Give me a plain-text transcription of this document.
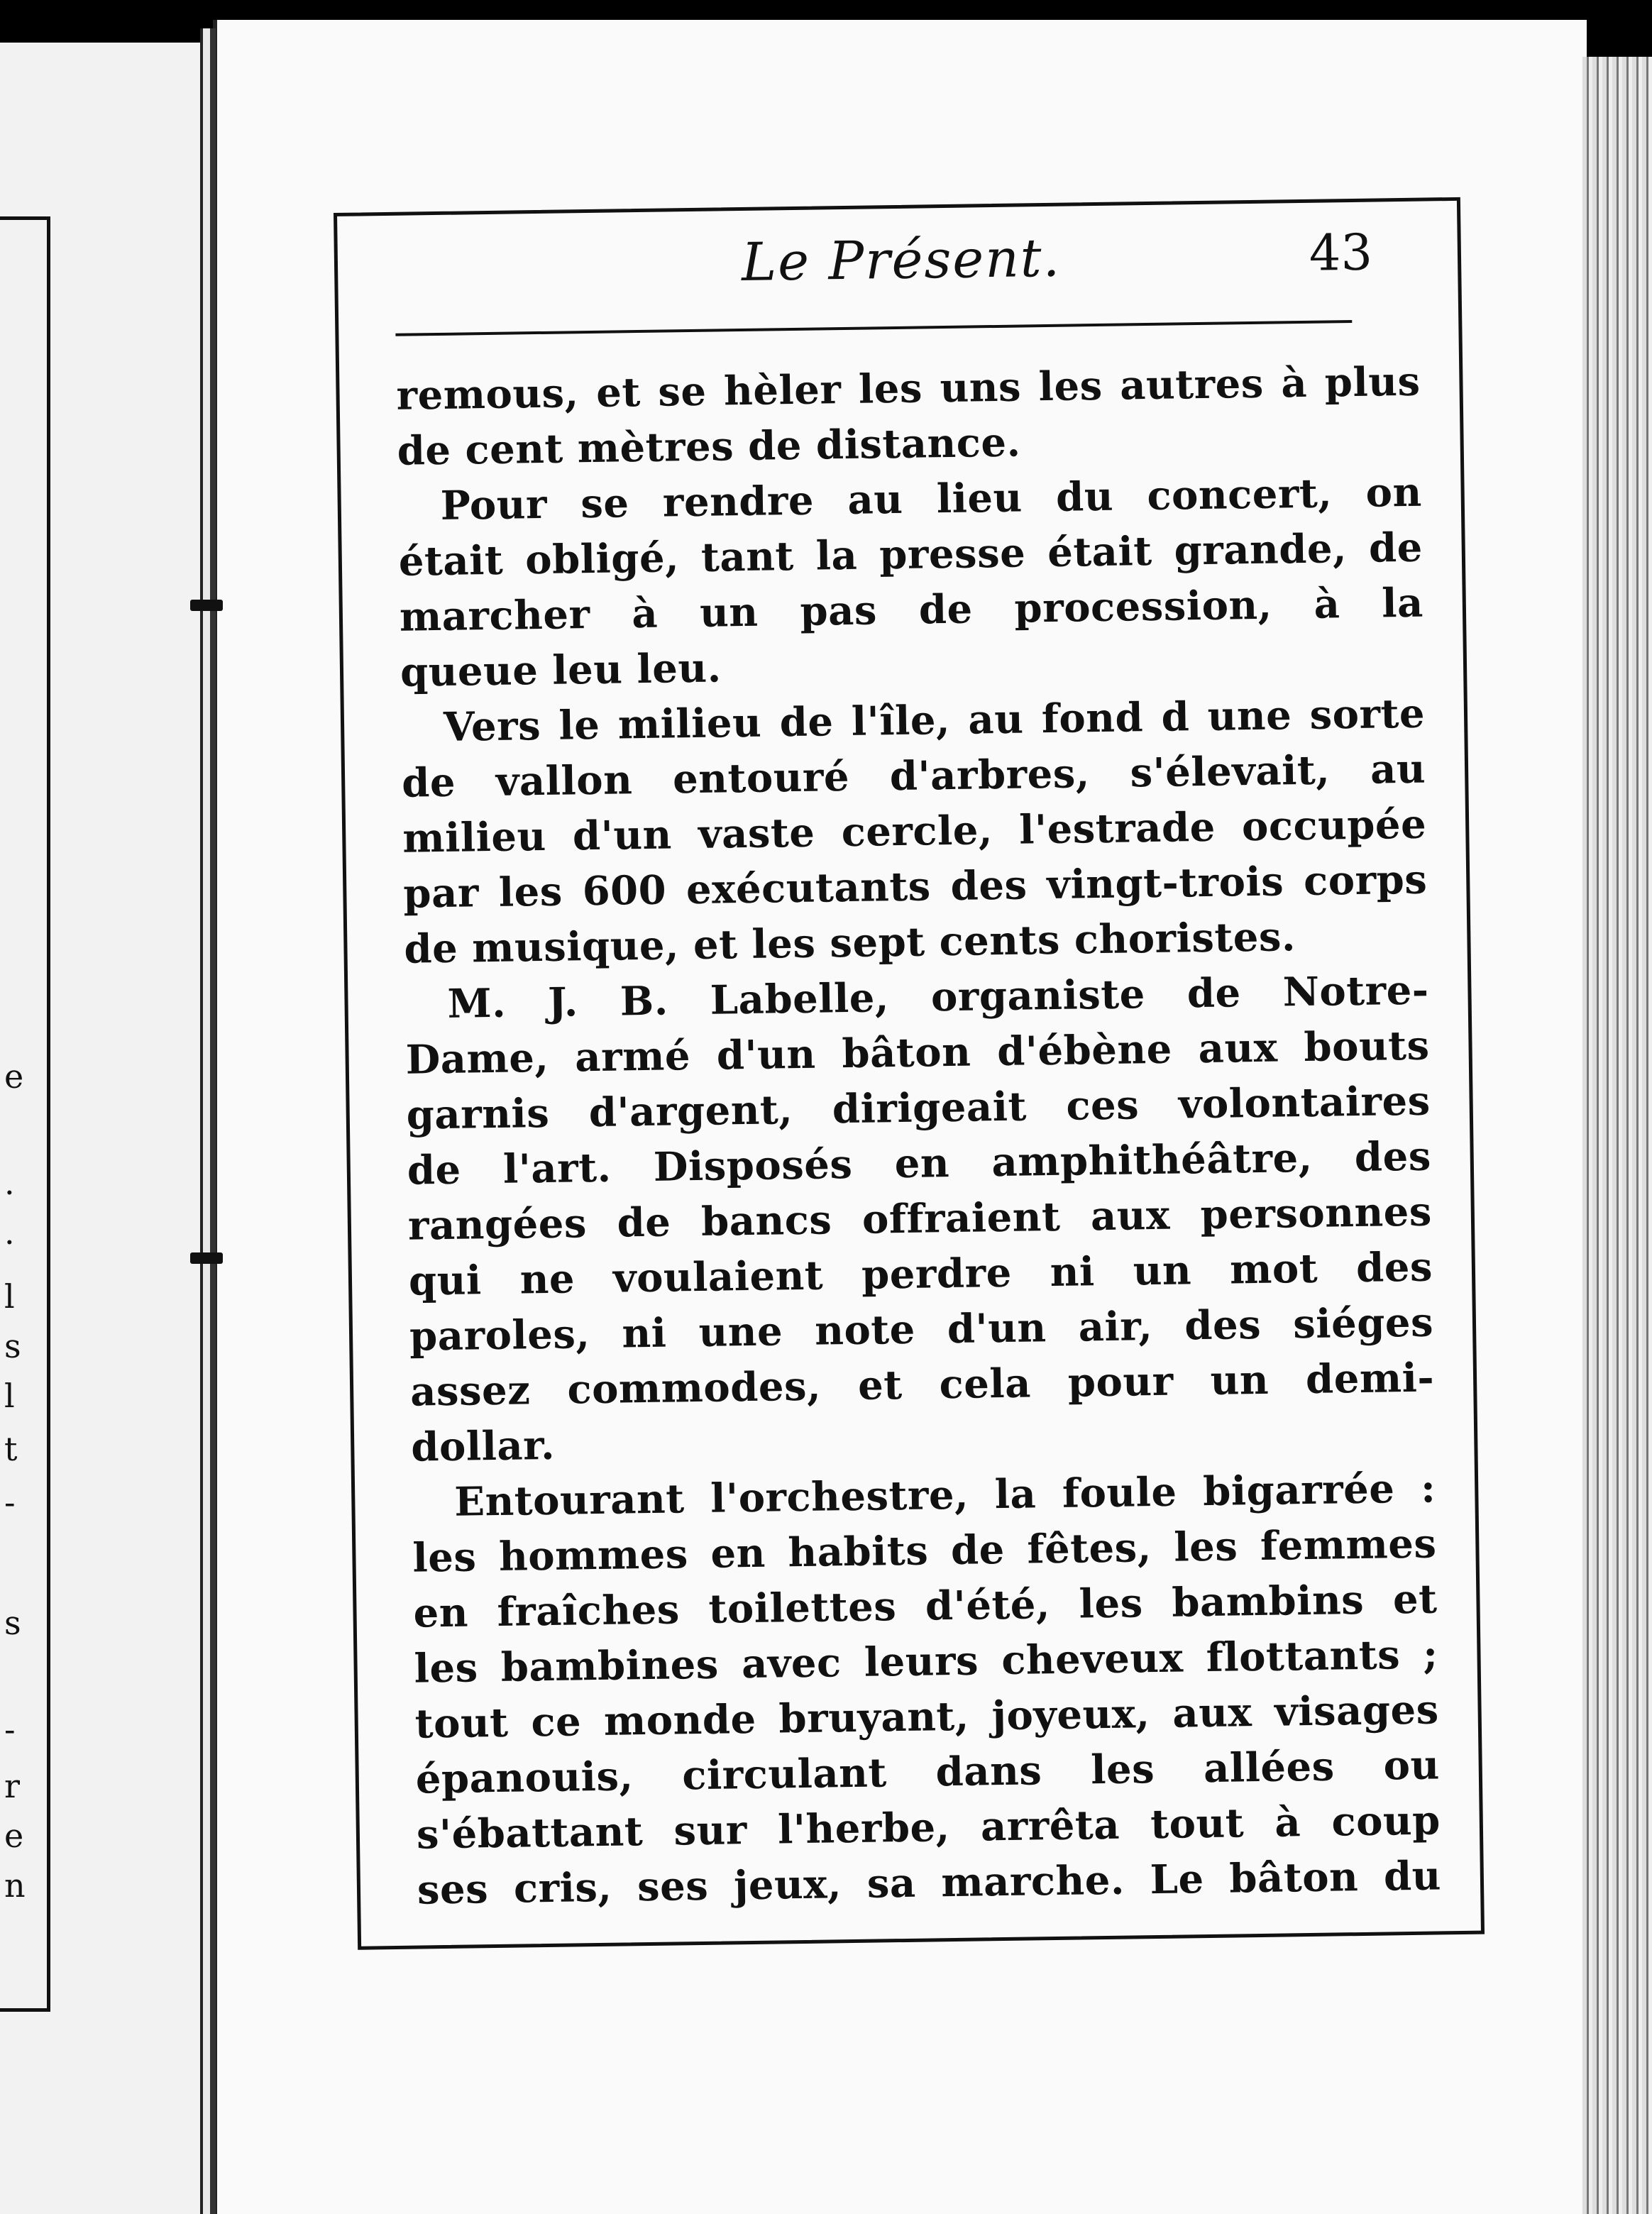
e
.
.
l
s
l
t
-
s
-
r
e
n
Le Présent.	43
remous, et se hèler les uns les autres à plus
de cent mètres de distance.
Pour se rendre au lieu du concert, on
était obligé, tant la presse était grande, de
marcher à un pas de procession, à la
queue leu leu.
Vers le milieu de l'île, au fond d une sorte
de vallon entouré d'arbres, s'élevait, au
milieu d'un vaste cercle, l'estrade occupée
par les 600 exécutants des vingt-trois corps
de musique, et les sept cents choristes.
M. J. B. Labelle, organiste de Notre-
Dame, armé d'un bâton d'ébène aux bouts
garnis d'argent, dirigeait ces volontaires
de l'art. Disposés en amphithéâtre, des
rangées de bancs offraient aux personnes
qui ne voulaient perdre ni un mot des
paroles, ni une note d'un air, des siéges
assez commodes, et cela pour un demi-
dollar.
Entourant l'orchestre, la foule bigarrée :
les hommes en habits de fêtes, les femmes
en fraîches toilettes d'été, les bambins et
les bambines avec leurs cheveux flottants ;
tout ce monde bruyant, joyeux, aux visages
épanouis, circulant dans les allées ou
s'ébattant sur l'herbe, arrêta tout à coup
ses cris, ses jeux, sa marche. Le bâton du
